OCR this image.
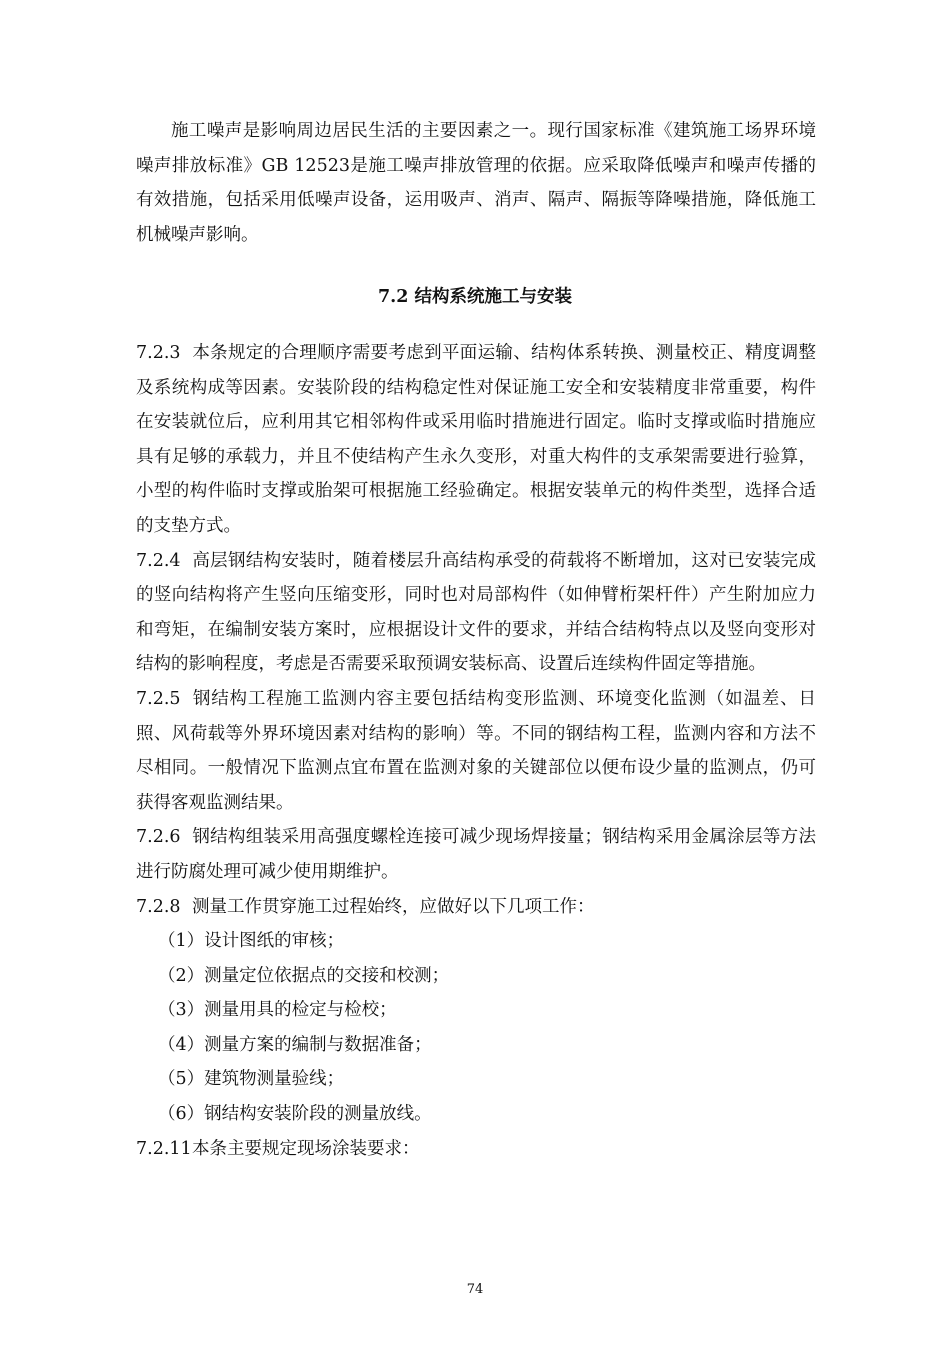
施工噪声是影响周边居民生活的主要因素之一。现行国家标准《建筑施工场界环境噪声排放标准》GB 12523是施工噪声排放管理的依据。应采取降低噪声和噪声传播的有效措施，包括采用低噪声设备，运用吸声、消声、隔声、隔振等降噪措施，降低施工机械噪声影响。

7.2 结构系统施工与安装

7.2.3 本条规定的合理顺序需要考虑到平面运输、结构体系转换、测量校正、精度调整及系统构成等因素。安装阶段的结构稳定性对保证施工安全和安装精度非常重要，构件在安装就位后，应利用其它相邻构件或采用临时措施进行固定。临时支撑或临时措施应具有足够的承载力，并且不使结构产生永久变形，对重大构件的支承架需要进行验算，小型的构件临时支撑或胎架可根据施工经验确定。根据安装单元的构件类型，选择合适的支垫方式。

7.2.4 高层钢结构安装时，随着楼层升高结构承受的荷载将不断增加，这对已安装完成的竖向结构将产生竖向压缩变形，同时也对局部构件（如伸臂桁架杆件）产生附加应力和弯矩，在编制安装方案时，应根据设计文件的要求，并结合结构特点以及竖向变形对结构的影响程度，考虑是否需要采取预调安装标高、设置后连续构件固定等措施。

7.2.5 钢结构工程施工监测内容主要包括结构变形监测、环境变化监测（如温差、日照、风荷载等外界环境因素对结构的影响）等。不同的钢结构工程，监测内容和方法不尽相同。一般情况下监测点宜布置在监测对象的关键部位以便布设少量的监测点，仍可获得客观监测结果。

7.2.6 钢结构组装采用高强度螺栓连接可减少现场焊接量；钢结构采用金属涂层等方法进行防腐处理可减少使用期维护。

7.2.8 测量工作贯穿施工过程始终，应做好以下几项工作：

（1）设计图纸的审核；
（2）测量定位依据点的交接和校测；
（3）测量用具的检定与检校；
（4）测量方案的编制与数据准备；
（5）建筑物测量验线；
（6）钢结构安装阶段的测量放线。

7.2.11本条主要规定现场涂装要求：

74
